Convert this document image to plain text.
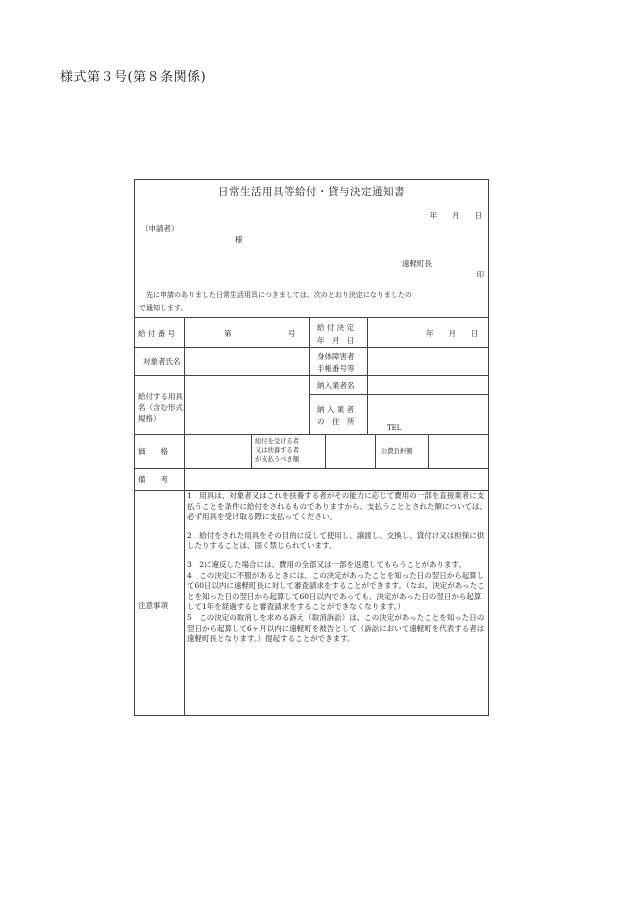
様式第３号(第８条関係)
日常生活用具等給付・貸与決定通知書
年　　月　　日
（申請者）
様
遠軽町長
印
先に申請のありました日常生活用具につきましては、次のとおり決定になりましたの
で通知します。
給 付 番 号	第	号
給 付 決 定
年　月　日
年　　月　　日
対象者氏名
身体障害者
手帳番号等
給付する用具
名（含む形式
規格）
納入業者名
納 入 業 者
の　住　所
TEL
価　　格
給付を受ける者
又は扶養する者
が支払うべき額
公費負担額
備　　考
注意事項

1　用具は、対象者又はこれを扶養する者がその能力に応じて費用の一部を直接業者に支払うことを条件に給付をされるものでありますから、支払うこととされた額については、必ず用具を受け取る際に支払ってください。

2　給付をされた用具をその目的に反して使用し、譲渡し、交換し、貸付け又は担保に供したりすることは、固く禁じられています。

3　2に違反した場合には、費用の全部又は一部を返還してもらうことがあります。

4　この決定に不服があるときには、この決定があったことを知った日の翌日から起算して60日以内に遠軽町長に対して審査請求をすることができます。（なお、決定があったことを知った日の翌日から起算して60日以内であっても、決定があった日の翌日から起算して1年を経過すると審査請求をすることができなくなります。）

5　この決定の取消しを求める訴え（取消訴訟）は、この決定があったことを知った日の翌日から起算して6ヶ月以内に遠軽町を被告として（訴訟において遠軽町を代表する者は遠軽町長となります。）提起することができます。
